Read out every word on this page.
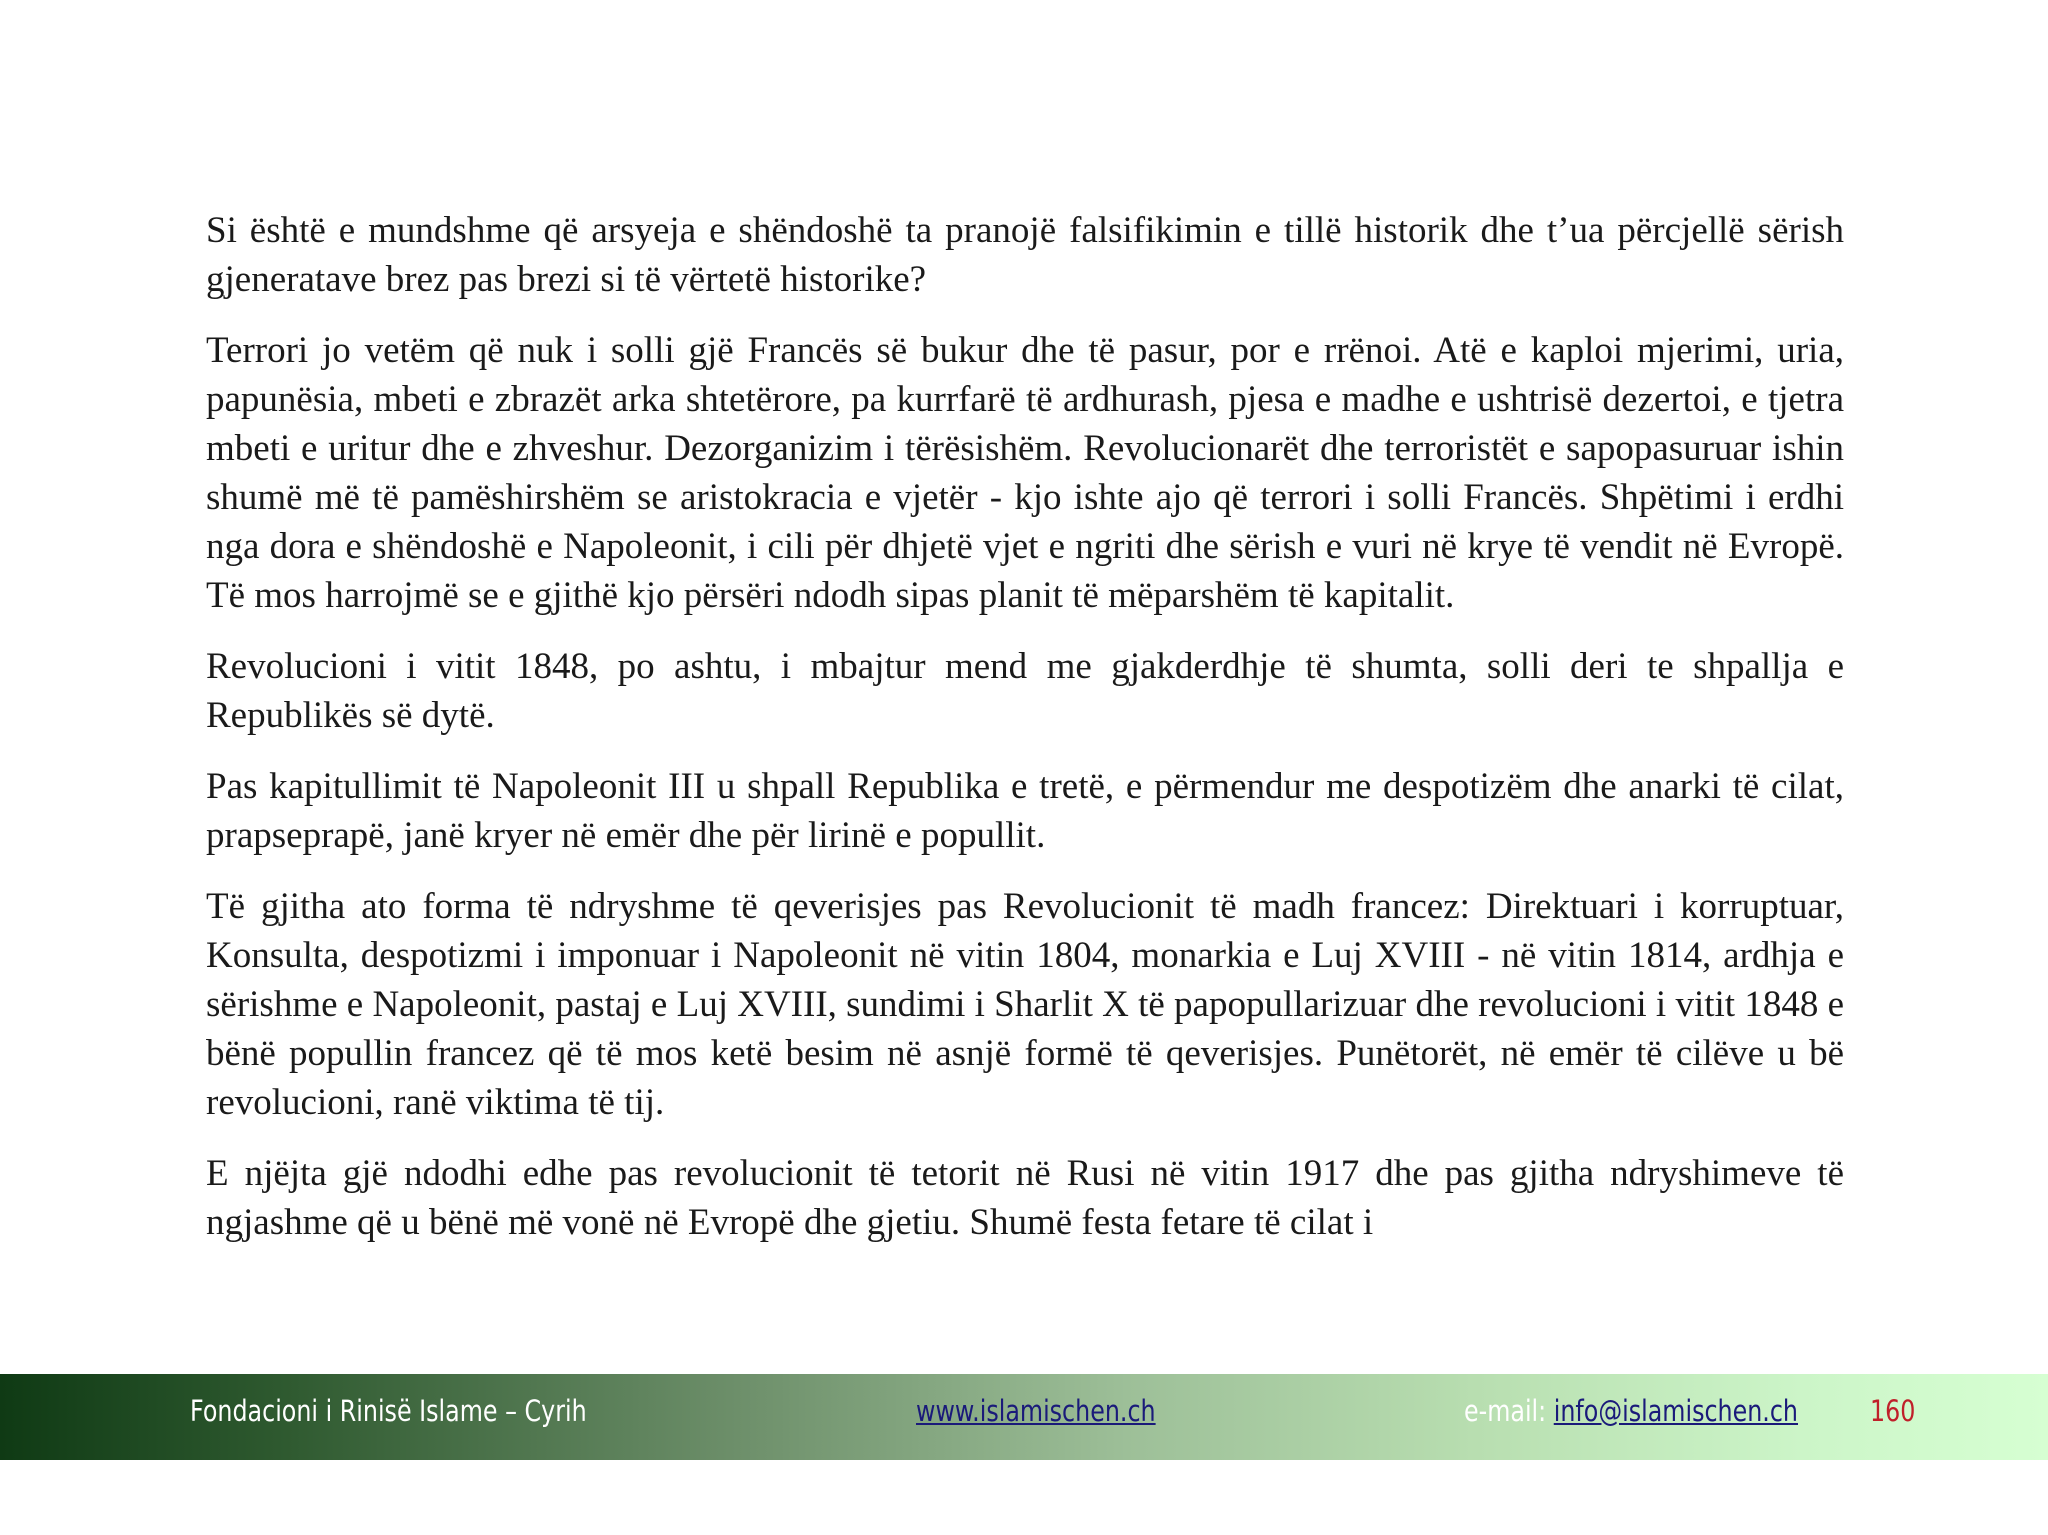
Si është e mundshme që arsyeja e shëndoshë ta pranojë falsifikimin e tillë historik dhe t’ua përcjellë sërish gjeneratave brez pas brezi si të vërtetë historike?

Terrori jo vetëm që nuk i solli gjë Francës së bukur dhe të pasur, por e rrënoi. Atë e kaploi mjerimi, uria, papunësia, mbeti e zbrazët arka shtetërore, pa kurrfarë të ardhurash, pjesa e madhe e ushtrisë dezertoi, e tjetra mbeti e uritur dhe e zhveshur. Dezorganizim i tërësishëm. Revolucionarët dhe terroristët e sapopasuruar ishin shumë më të pamëshirshëm se aristokracia e vjetër - kjo ishte ajo që terrori i solli Francës. Shpëtimi i erdhi nga dora e shëndoshë e Napoleonit, i cili për dhjetë vjet e ngriti dhe sërish e vuri në krye të vendit në Evropë. Të mos harrojmë se e gjithë kjo përsëri ndodh sipas planit të mëparshëm të kapitalit.

Revolucioni i vitit 1848, po ashtu, i mbajtur mend me gjakderdhje të shumta, solli deri te shpallja e Republikës së dytë.

Pas kapitullimit të Napoleonit III u shpall Republika e tretë, e përmendur me despotizëm dhe anarki të cilat, prapseprapë, janë kryer në emër dhe për lirinë e popullit.

Të gjitha ato forma të ndryshme të qeverisjes pas Revolucionit të madh francez: Direktuari i korruptuar, Konsulta, despotizmi i imponuar i Napoleonit në vitin 1804, monarkia e Luj XVIII - në vitin 1814, ardhja e sërishme e Napoleonit, pastaj e Luj XVIII, sundimi i Sharlit X të papopullarizuar dhe revolucioni i vitit 1848 e bënë popullin francez që të mos ketë besim në asnjë formë të qeverisjes. Punëtorët, në emër të cilëve u bë revolucioni, ranë viktima të tij.

E njëjta gjë ndodhi edhe pas revolucionit të tetorit në Rusi në vitin 1917 dhe pas gjitha ndryshimeve të ngjashme që u bënë më vonë në Evropë dhe gjetiu. Shumë festa fetare të cilat i

Fondacioni i Rinisë Islame – Cyrih	www.islamischen.ch	e-mail: info@islamischen.ch 160
